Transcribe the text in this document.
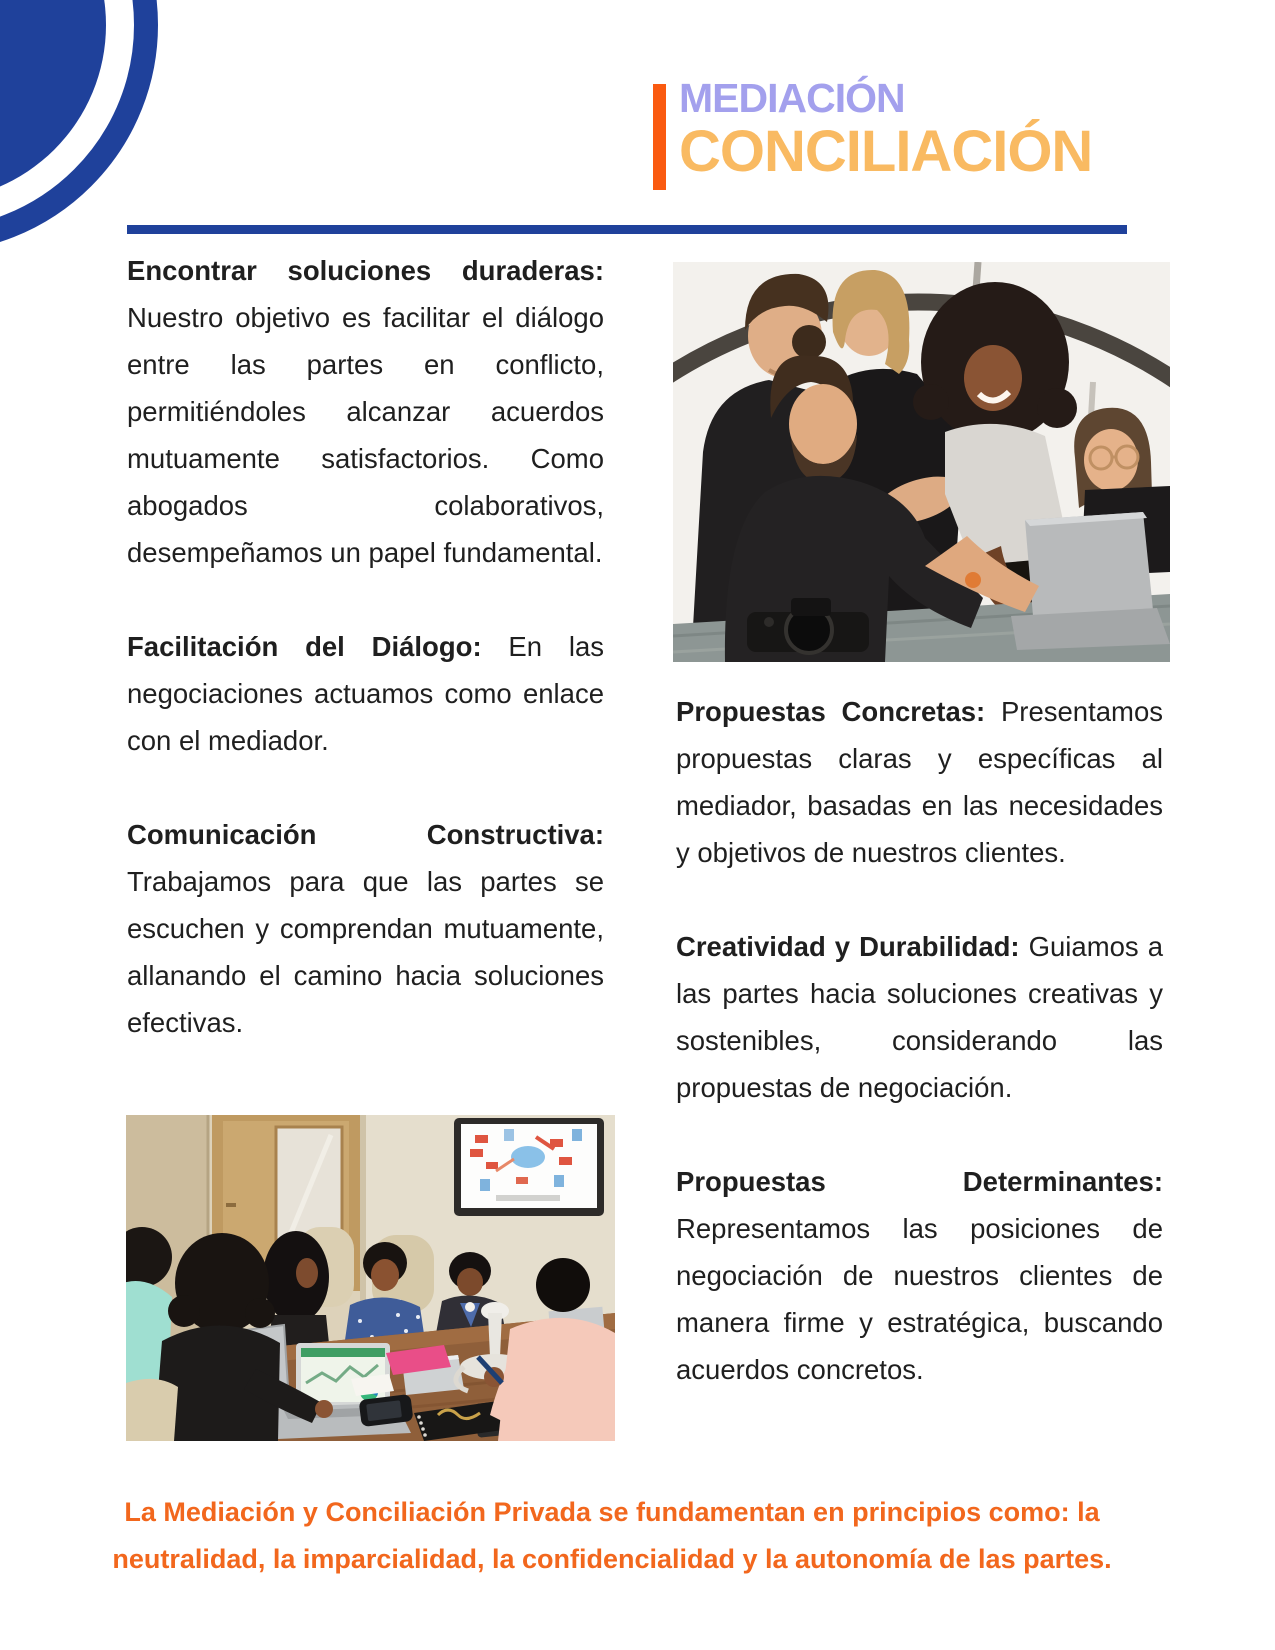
MEDIACIÓN
CONCILIACIÓN

Encontrar soluciones duraderas: Nuestro objetivo es facilitar el diálogo entre las partes en conflicto, permitiéndoles alcanzar acuerdos mutuamente satisfactorios. Como abogados colaborativos, desempeñamos un papel fundamental.

Facilitación del Diálogo: En las negociaciones actuamos como enlace con el mediador.

Comunicación Constructiva: Trabajamos para que las partes se escuchen y comprendan mutuamente, allanando el camino hacia soluciones efectivas.

Propuestas Concretas: Presentamos propuestas claras y específicas al mediador, basadas en las necesidades y objetivos de nuestros clientes.

Creatividad y Durabilidad: Guiamos a las partes hacia soluciones creativas y sostenibles, considerando las propuestas de negociación.

Propuestas Determinantes: Representamos las posiciones de negociación de nuestros clientes de manera firme y estratégica, buscando acuerdos concretos.

La Mediación y Conciliación Privada se fundamentan en principios como: la
neutralidad, la imparcialidad, la confidencialidad y la autonomía de las partes.
